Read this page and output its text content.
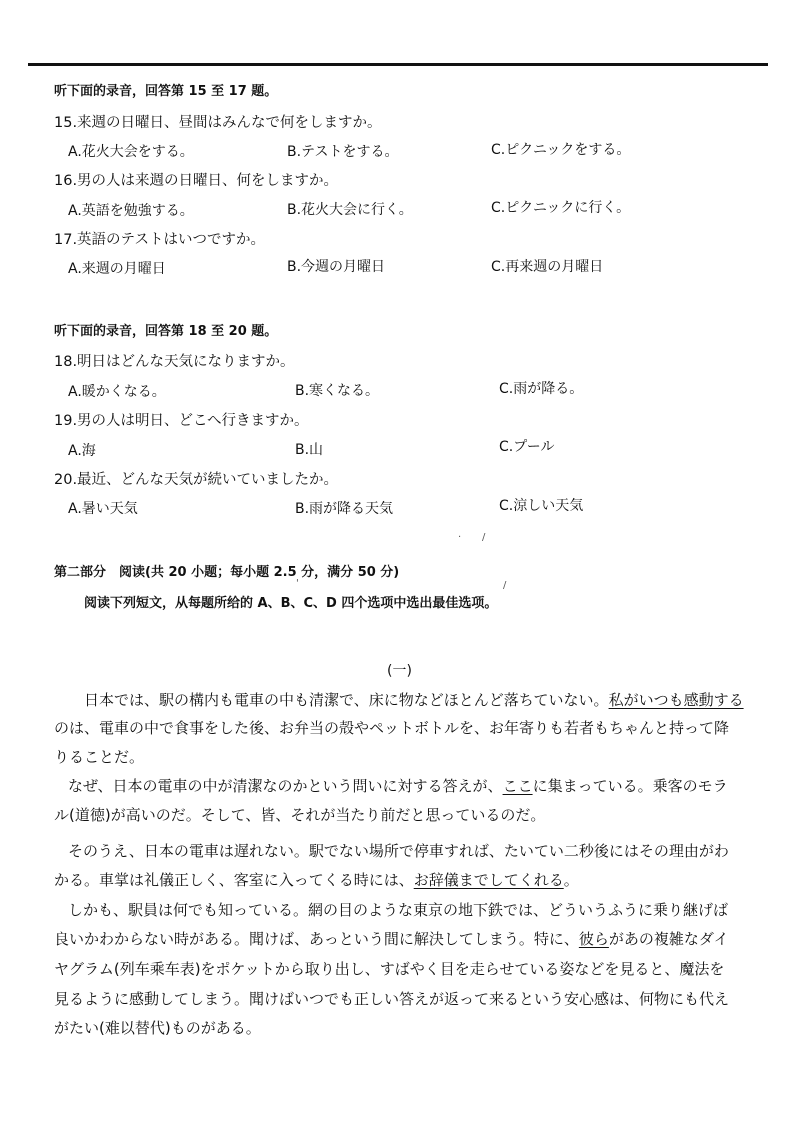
听下面的录音，回答第 15 至 17 题。
15.来週の日曜日、昼間はみんなで何をしますか。
A.花火大会をする。	B.テストをする。	C.ピクニックをする。
16.男の人は来週の日曜日、何をしますか。
A.英語を勉強する。	B.花火大会に行く。	C.ピクニックに行く。
17.英語のテストはいつですか。
A.来週の月曜日	B.今週の月曜日	C.再来週の月曜日
听下面的录音，回答第 18 至 20 题。
18.明日はどんな天気になりますか。
A.暖かくなる。	B.寒くなる。	C.雨が降る。
19.男の人は明日、どこへ行きますか。
A.海	B.山	C.プール
20.最近、どんな天気が続いていましたか。
A.暑い天気	B.雨が降る天気	C.涼しい天気
· /
'	/
第二部分　阅读(共 20 小题；每小题 2.5 分，满分 50 分)
阅读下列短文，从每题所给的 A、B、C、D 四个选项中选出最佳选项。
(一)
日本では、駅の構内も電車の中も清潔で、床に物などほとんど落ちていない。私がいつも感動する
のは、電車の中で食事をした後、お弁当の殻やペットボトルを、お年寄りも若者もちゃんと持って降
りることだ。
なぜ、日本の電車の中が清潔なのかという問いに対する答えが、ここに集まっている。乗客のモラ
ル(道徳)が高いのだ。そして、皆、それが当たり前だと思っているのだ。
そのうえ、日本の電車は遅れない。駅でない場所で停車すれば、たいてい二秒後にはその理由がわ
かる。車掌は礼儀正しく、客室に入ってくる時には、お辞儀までしてくれる。
しかも、駅員は何でも知っている。網の目のような東京の地下鉄では、どういうふうに乗り継げば
良いかわからない時がある。聞けば、あっという間に解決してしまう。特に、彼らがあの複雑なダイ
ヤグラム(列车乘车表)をポケットから取り出し、すばやく目を走らせている姿などを見ると、魔法を
見るように感動してしまう。聞けばいつでも正しい答えが返って来るという安心感は、何物にも代え
がたい(难以替代)ものがある。
